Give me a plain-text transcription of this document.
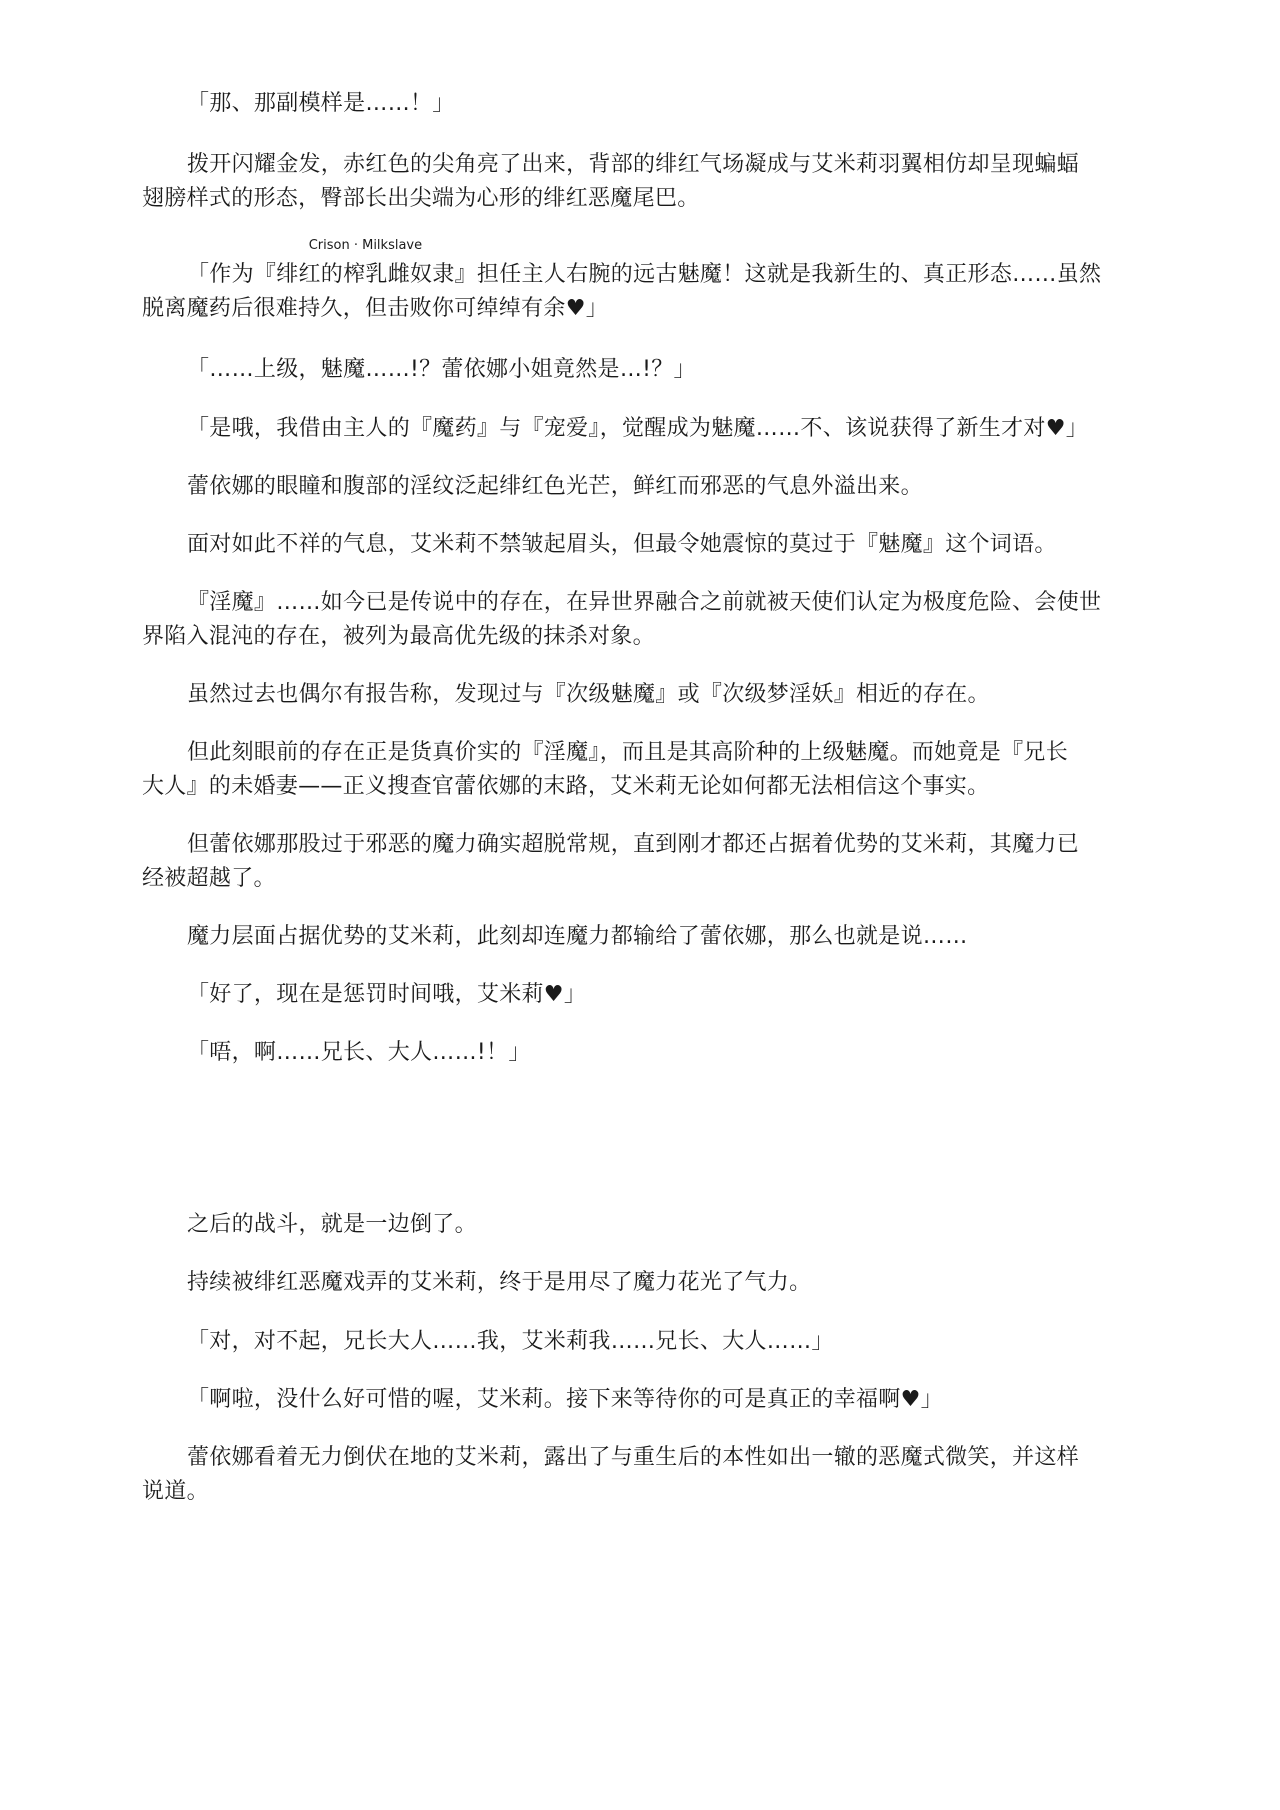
「那、那副模样是……！」
拨开闪耀金发，赤红色的尖角亮了出来，背部的绯红气场凝成与艾米莉羽翼相仿却呈现蝙蝠
翅膀样式的形态，臀部长出尖端为心形的绯红恶魔尾巴。
「作为
Crison · Milkslave
『绯红的榨乳雌奴隶』担任主人右腕的远古魅魔！这就是我新生的、真正形态……虽然
脱离魔药后很难持久，但击败你可绰绰有余♥」
「……上级，魅魔……!？蕾依娜小姐竟然是…!？」
「是哦，我借由主人的『魔药』与『宠爱』，觉醒成为魅魔……不、该说获得了新生才对♥」
蕾依娜的眼瞳和腹部的淫纹泛起绯红色光芒，鲜红而邪恶的气息外溢出来。
面对如此不祥的气息，艾米莉不禁皱起眉头，但最令她震惊的莫过于『魅魔』这个词语。
『淫魔』……如今已是传说中的存在，在异世界融合之前就被天使们认定为极度危险、会使世
界陷入混沌的存在，被列为最高优先级的抹杀对象。
虽然过去也偶尔有报告称，发现过与『次级魅魔』或『次级梦淫妖』相近的存在。
但此刻眼前的存在正是货真价实的『淫魔』，而且是其高阶种的上级魅魔。而她竟是『兄长
大人』的未婚妻——正义搜查官蕾依娜的末路，艾米莉无论如何都无法相信这个事实。
但蕾依娜那股过于邪恶的魔力确实超脱常规，直到刚才都还占据着优势的艾米莉，其魔力已
经被超越了。
魔力层面占据优势的艾米莉，此刻却连魔力都输给了蕾依娜，那么也就是说……
「好了，现在是惩罚时间哦，艾米莉♥」
「唔，啊……兄长、大人……!！」
之后的战斗，就是一边倒了。
持续被绯红恶魔戏弄的艾米莉，终于是用尽了魔力花光了气力。
「对，对不起，兄长大人……我，艾米莉我……兄长、大人……」
「啊啦，没什么好可惜的喔，艾米莉。接下来等待你的可是真正的幸福啊♥」
蕾依娜看着无力倒伏在地的艾米莉，露出了与重生后的本性如出一辙的恶魔式微笑，并这样
说道。
